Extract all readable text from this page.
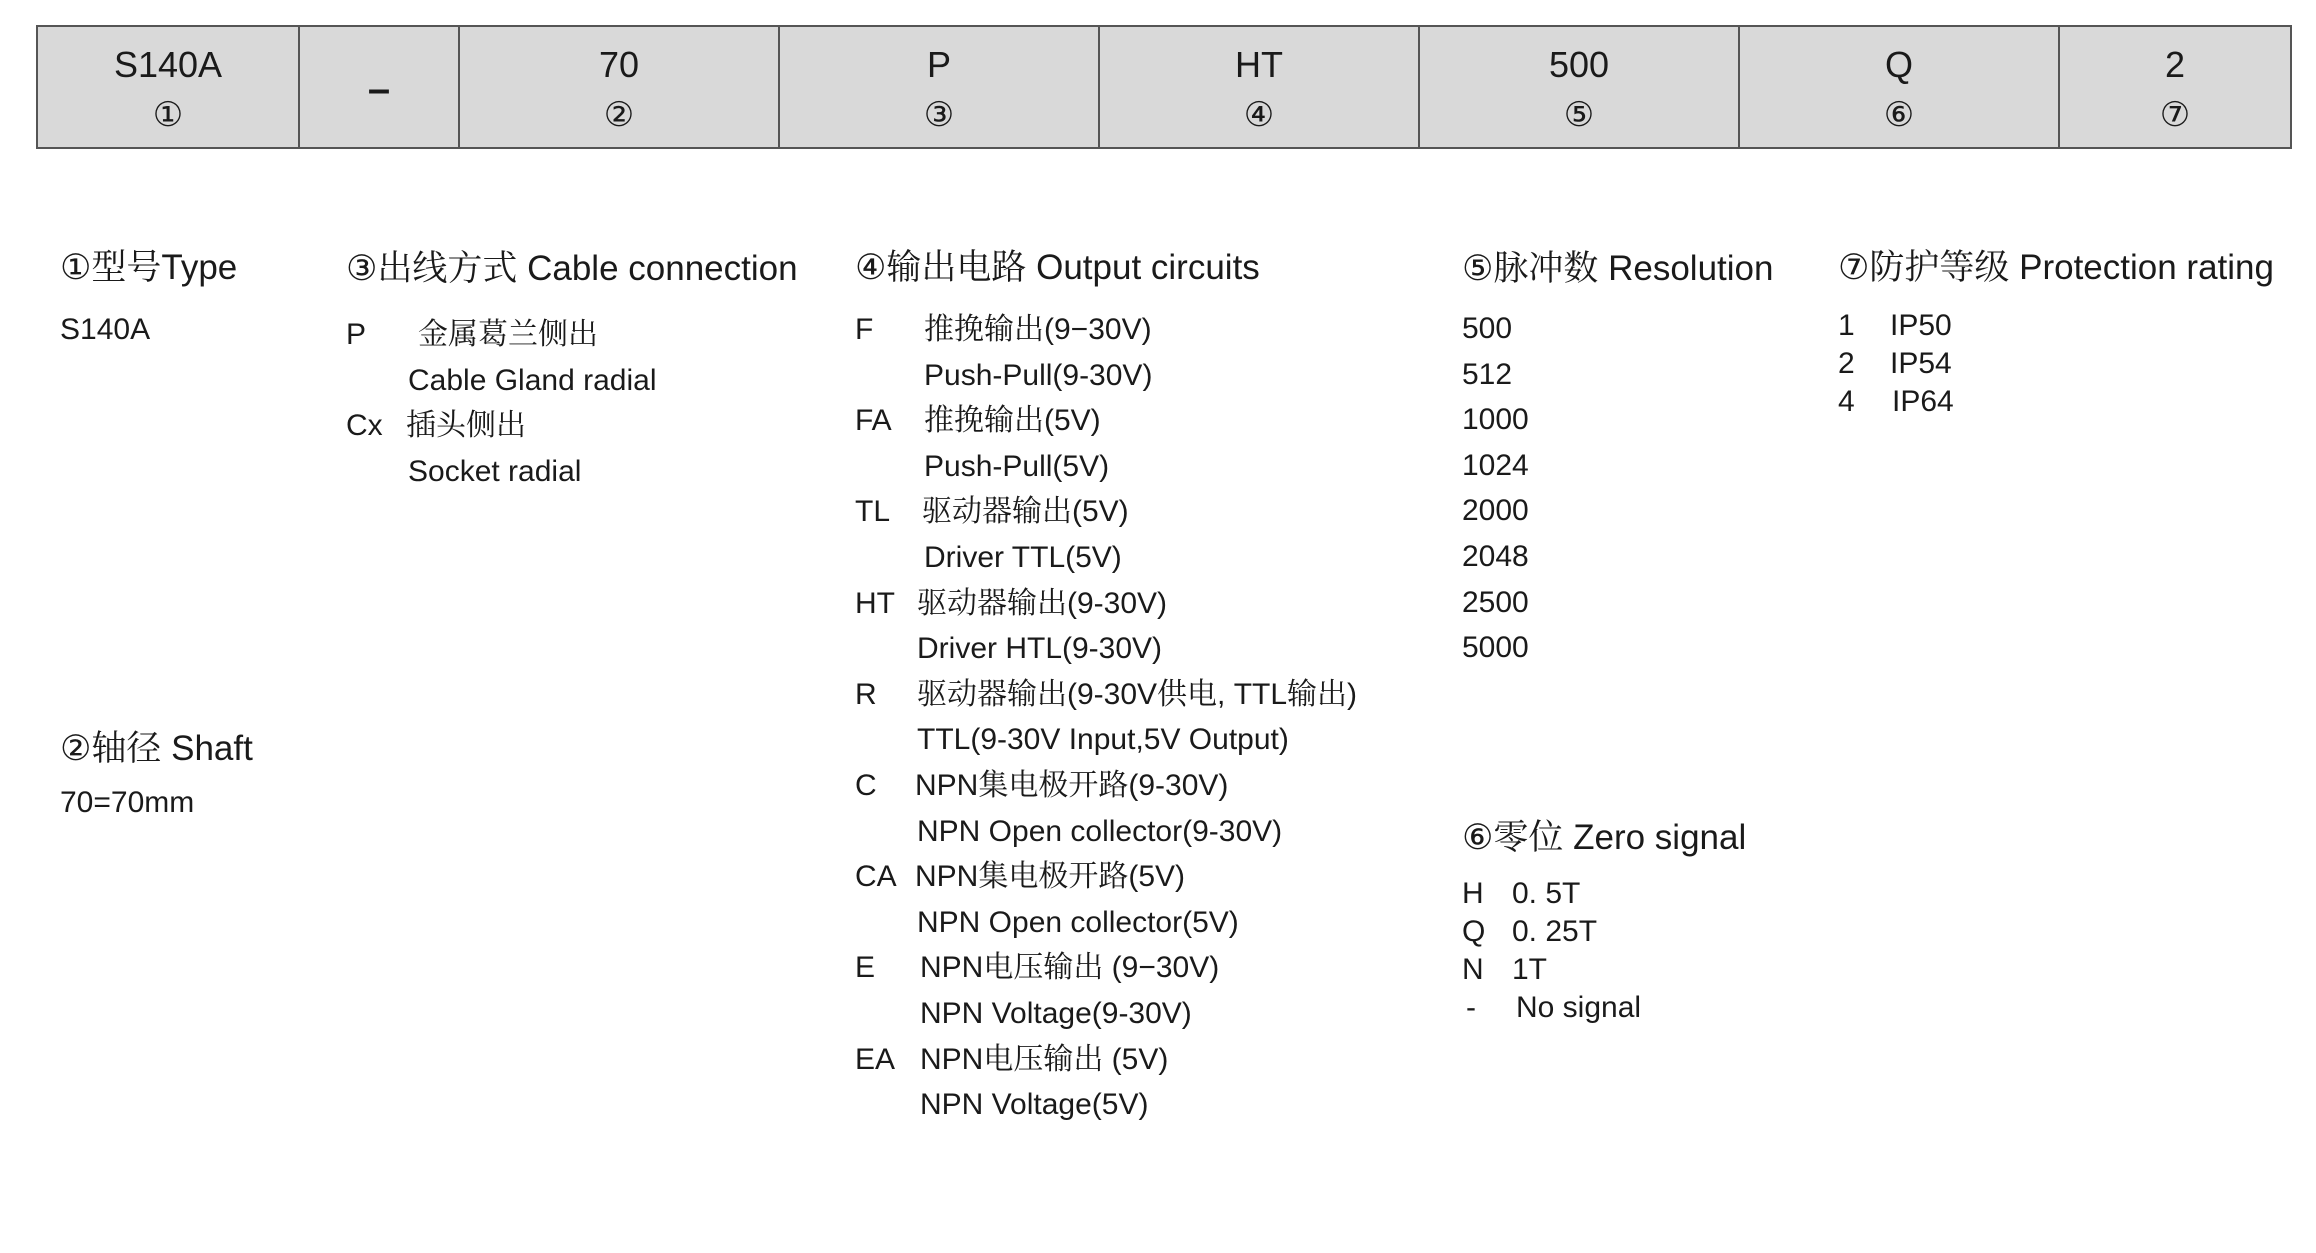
S140A
①
–
70
②
P
③
HT
④
500
⑤
Q
⑥
2
⑦
①型号Type
S140A
②轴径 Shaft
70=70mm
③出线方式 Cable connection
P 金属葛兰侧出
Cable Gland radial
Cx 插头侧出
Socket radial
④输出电路 Output circuits
F 推挽输出(9−30V)
Push-Pull(9-30V)
FA 推挽输出(5V)
Push-Pull(5V)
TL 驱动器输出(5V)
Driver TTL(5V)
HT 驱动器输出(9-30V)
Driver HTL(9-30V)
R 驱动器输出(9-30V供电, TTL输出)
TTL(9-30V Input,5V Output)
C NPN集电极开路(9-30V)
NPN Open collector(9-30V)
CA NPN集电极开路(5V)
NPN Open collector(5V)
E NPN电压输出 (9−30V)
NPN Voltage(9-30V)
EA NPN电压输出 (5V)
NPN Voltage(5V)
⑤脉冲数 Resolution
500
512
1000
1024
2000
2048
2500
5000
⑥零位 Zero signal
H 0. 5T
Q 0. 25T
N 1T
- No signal
⑦防护等级 Protection rating
1 IP50
2 IP54
4 IP64
